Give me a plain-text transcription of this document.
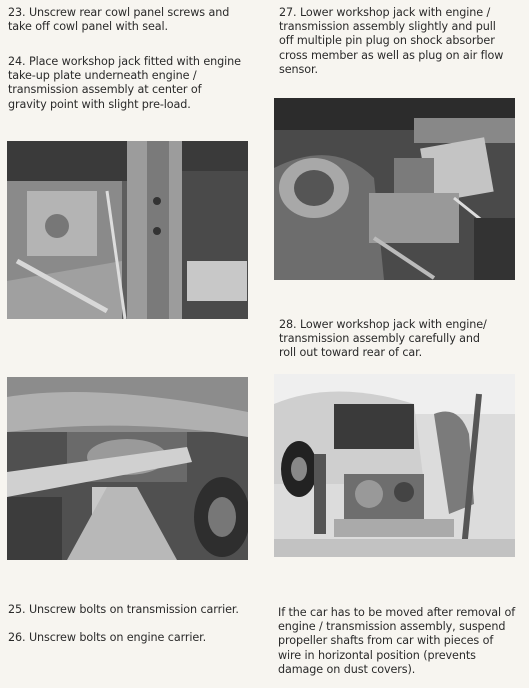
23. Unscrew rear cowl panel screws and
take off cowl panel with seal.
24. Place workshop jack fitted with engine
take-up plate underneath engine /
transmission assembly at center of
gravity point with slight pre-load.
27. Lower workshop jack with engine /
transmission assembly slightly and pull
off multiple pin plug on shock absorber
cross member as well as plug on air flow
sensor.
28. Lower workshop jack with engine/
transmission assembly carefully and
roll out toward rear of car.
25. Unscrew bolts on transmission carrier.
26. Unscrew bolts on engine carrier.
If the car has to be moved after removal of
engine / transmission assembly, suspend
propeller shafts from car with pieces of
wire in horizontal position (prevents
damage on dust covers).
